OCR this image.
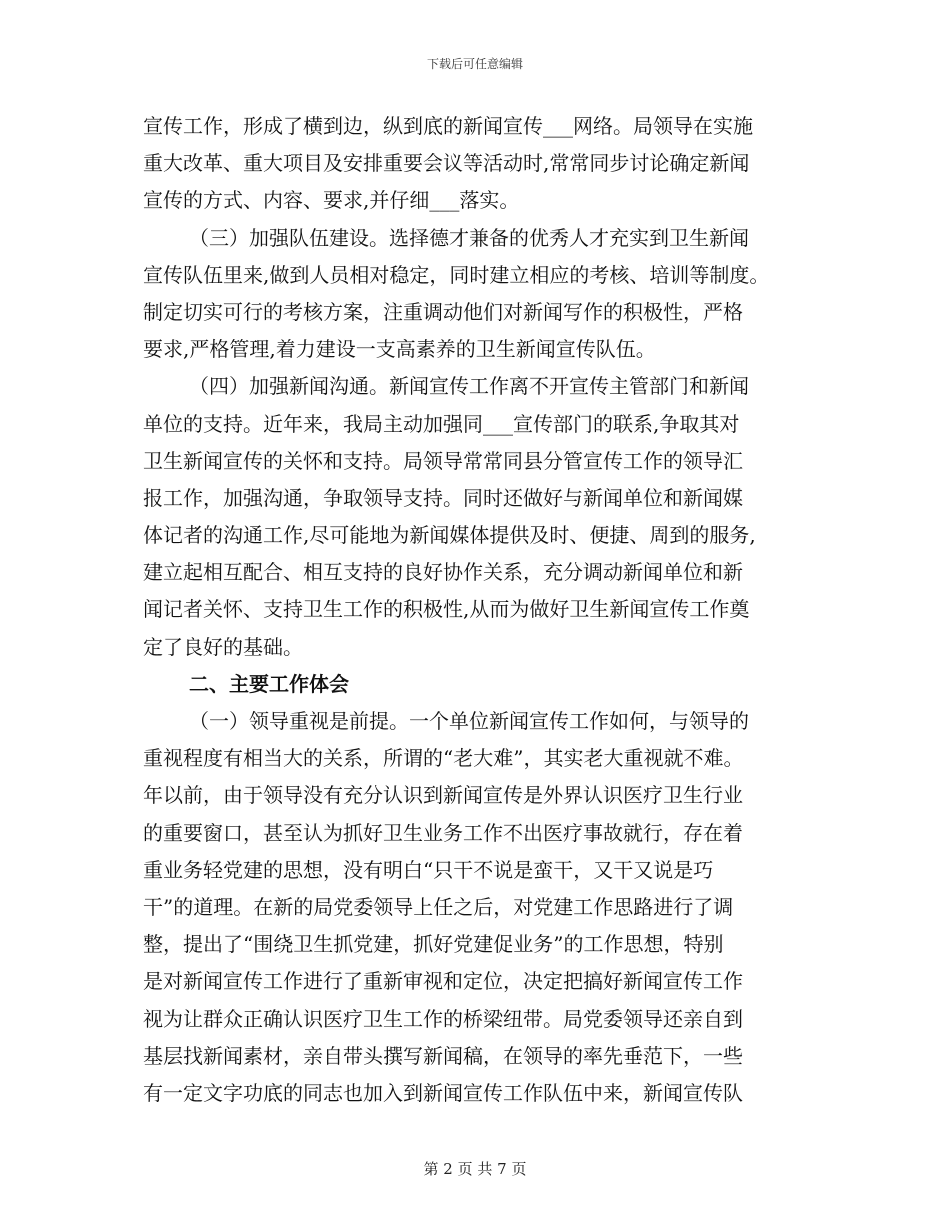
下载后可任意编辑
宣传工作，形成了横到边，纵到底的新闻宣传___网络。局领导在实施
重大改革、重大项目及安排重要会议等活动时,常常同步讨论确定新闻
宣传的方式、内容、要求,并仔细___落实。
（三）加强队伍建设。选择德才兼备的优秀人才充实到卫生新闻
宣传队伍里来,做到人员相对稳定，同时建立相应的考核、培训等制度。
制定切实可行的考核方案，注重调动他们对新闻写作的积极性，严格
要求,严格管理,着力建设一支高素养的卫生新闻宣传队伍。
（四）加强新闻沟通。新闻宣传工作离不开宣传主管部门和新闻
单位的支持。近年来，我局主动加强同___宣传部门的联系,争取其对
卫生新闻宣传的关怀和支持。局领导常常同县分管宣传工作的领导汇
报工作，加强沟通，争取领导支持。同时还做好与新闻单位和新闻媒
体记者的沟通工作,尽可能地为新闻媒体提供及时、便捷、周到的服务,
建立起相互配合、相互支持的良好协作关系，充分调动新闻单位和新
闻记者关怀、支持卫生工作的积极性,从而为做好卫生新闻宣传工作奠
定了良好的基础。
二、主要工作体会
（一）领导重视是前提。一个单位新闻宣传工作如何，与领导的
重视程度有相当大的关系，所谓的“老大难”，其实老大重视就不难。
年以前，由于领导没有充分认识到新闻宣传是外界认识医疗卫生行业
的重要窗口，甚至认为抓好卫生业务工作不出医疗事故就行，存在着
重业务轻党建的思想，没有明白“只干不说是蛮干，又干又说是巧
干”的道理。在新的局党委领导上任之后，对党建工作思路进行了调
整，提出了“围绕卫生抓党建，抓好党建促业务”的工作思想，特别
是对新闻宣传工作进行了重新审视和定位，决定把搞好新闻宣传工作
视为让群众正确认识医疗卫生工作的桥梁纽带。局党委领导还亲自到
基层找新闻素材，亲自带头撰写新闻稿，在领导的率先垂范下，一些
有一定文字功底的同志也加入到新闻宣传工作队伍中来，新闻宣传队
第 2 页 共 7 页
